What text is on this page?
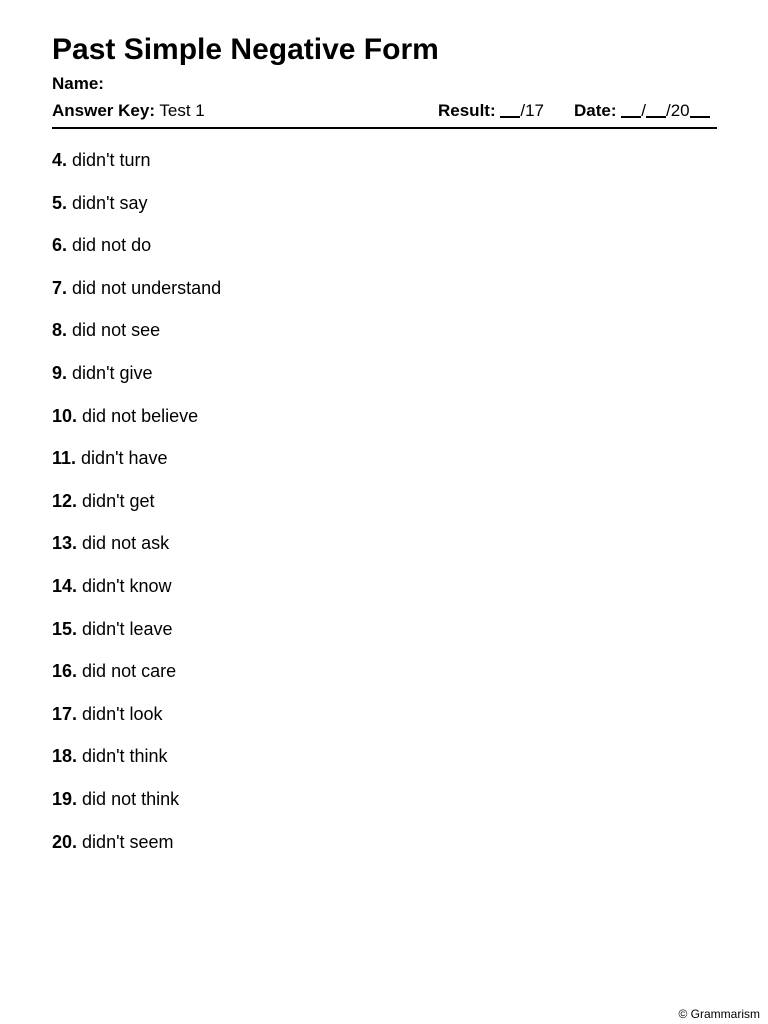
Past Simple Negative Form
Name:
Answer Key: Test 1	Result: /17 Date: / /20
4. didn't turn
5. didn't say
6. did not do
7. did not understand
8. did not see
9. didn't give
10. did not believe
11. didn't have
12. didn't get
13. did not ask
14. didn't know
15. didn't leave
16. did not care
17. didn't look
18. didn't think
19. did not think
20. didn't seem
© Grammarism
